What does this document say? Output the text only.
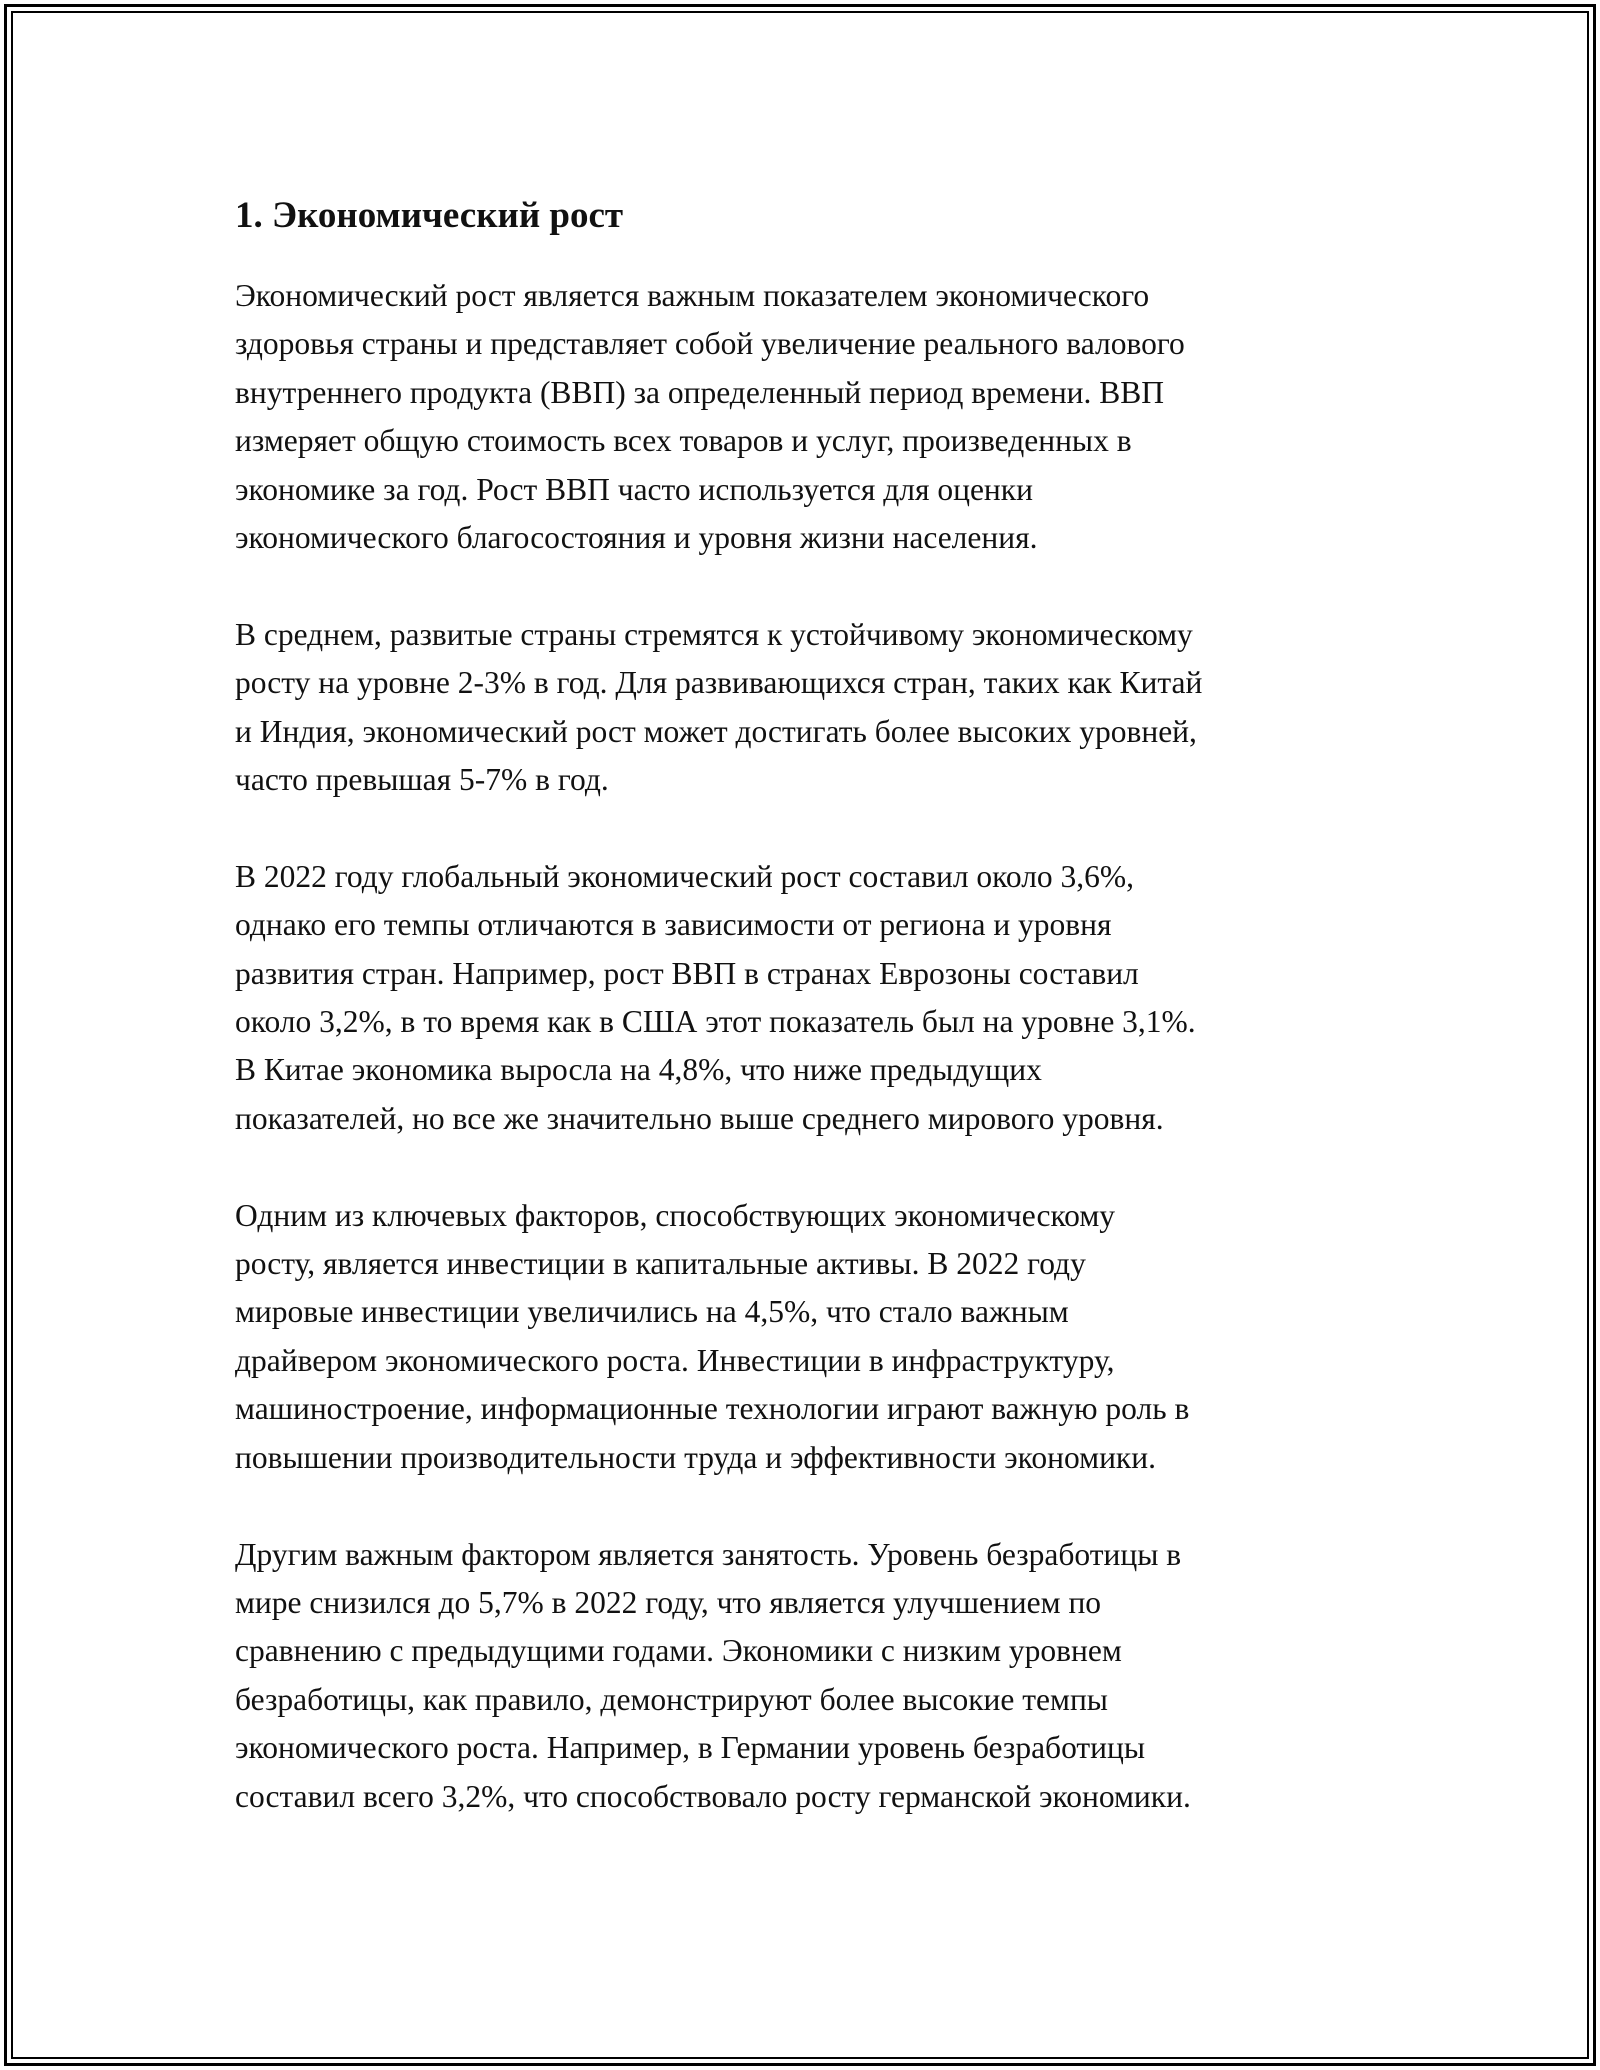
1. Экономический рост

Экономический рост является важным показателем экономического
здоровья страны и представляет собой увеличение реального валового
внутреннего продукта (ВВП) за определенный период времени. ВВП
измеряет общую стоимость всех товаров и услуг, произведенных в
экономике за год. Рост ВВП часто используется для оценки
экономического благосостояния и уровня жизни населения.

В среднем, развитые страны стремятся к устойчивому экономическому
росту на уровне 2-3% в год. Для развивающихся стран, таких как Китай
и Индия, экономический рост может достигать более высоких уровней,
часто превышая 5-7% в год.

В 2022 году глобальный экономический рост составил около 3,6%,
однако его темпы отличаются в зависимости от региона и уровня
развития стран. Например, рост ВВП в странах Еврозоны составил
около 3,2%, в то время как в США этот показатель был на уровне 3,1%.
В Китае экономика выросла на 4,8%, что ниже предыдущих
показателей, но все же значительно выше среднего мирового уровня.

Одним из ключевых факторов, способствующих экономическому
росту, является инвестиции в капитальные активы. В 2022 году
мировые инвестиции увеличились на 4,5%, что стало важным
драйвером экономического роста. Инвестиции в инфраструктуру,
машиностроение, информационные технологии играют важную роль в
повышении производительности труда и эффективности экономики.

Другим важным фактором является занятость. Уровень безработицы в
мире снизился до 5,7% в 2022 году, что является улучшением по
сравнению с предыдущими годами. Экономики с низким уровнем
безработицы, как правило, демонстрируют более высокие темпы
экономического роста. Например, в Германии уровень безработицы
составил всего 3,2%, что способствовало росту германской экономики.
